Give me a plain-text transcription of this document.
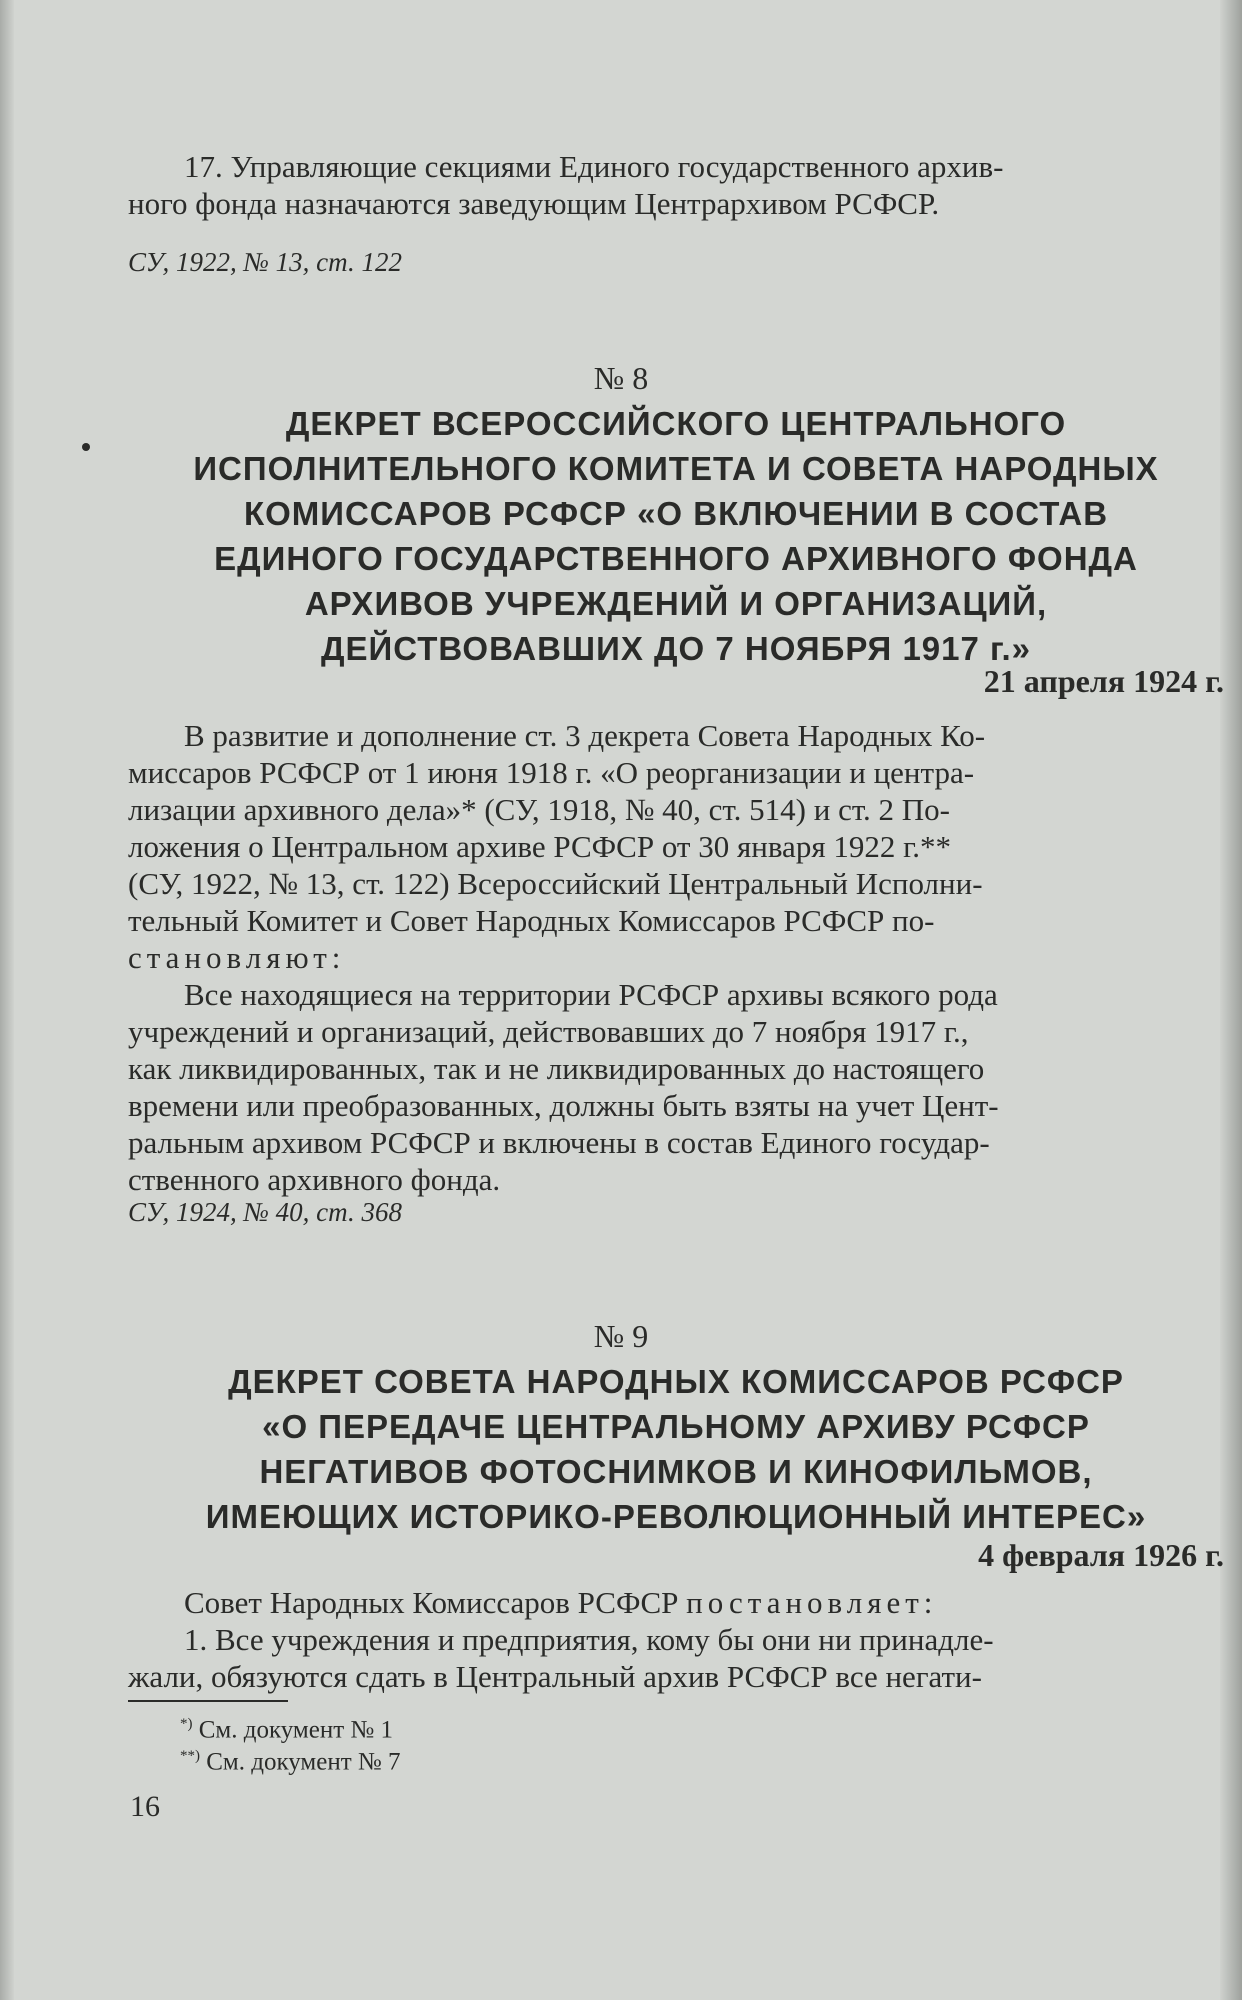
17. Управляющие секциями Единого государственного архив-

ного фонда назначаются заведующим Центрархивом РСФСР.

СУ, 1922, № 13, ст. 122

№ 8
ДЕКРЕТ ВСЕРОССИЙСКОГО ЦЕНТРАЛЬНОГО
ИСПОЛНИТЕЛЬНОГО КОМИТЕТА И СОВЕТА НАРОДНЫХ
КОМИССАРОВ РСФСР «О ВКЛЮЧЕНИИ В СОСТАВ
ЕДИНОГО ГОСУДАРСТВЕННОГО АРХИВНОГО ФОНДА
АРХИВОВ УЧРЕЖДЕНИЙ И ОРГАНИЗАЦИЙ,
ДЕЙСТВОВАВШИХ ДО 7 НОЯБРЯ 1917 г.»
21 апреля 1924 г.

В развитие и дополнение ст. 3 декрета Совета Народных Ко-

миссаров РСФСР от 1 июня 1918 г. «О реорганизации и центра-

лизации архивного дела»* (СУ, 1918, № 40, ст. 514) и ст. 2 По-

ложения о Центральном архиве РСФСР от 30 января 1922 г.**

(СУ, 1922, № 13, ст. 122) Всероссийский Центральный Исполни-

тельный Комитет и Совет Народных Комиссаров РСФСР по-

становляют:

Все находящиеся на территории РСФСР архивы всякого рода

учреждений и организаций, действовавших до 7 ноября 1917 г.,

как ликвидированных, так и не ликвидированных до настоящего

времени или преобразованных, должны быть взяты на учет Цент-

ральным архивом РСФСР и включены в состав Единого государ-

ственного архивного фонда.

СУ, 1924, № 40, ст. 368

№ 9
ДЕКРЕТ СОВЕТА НАРОДНЫХ КОМИССАРОВ РСФСР
«О ПЕРЕДАЧЕ ЦЕНТРАЛЬНОМУ АРХИВУ РСФСР
НЕГАТИВОВ ФОТОСНИМКОВ И КИНОФИЛЬМОВ,
ИМЕЮЩИХ ИСТОРИКО-РЕВОЛЮЦИОННЫЙ ИНТЕРЕС»
4 февраля 1926 г.

Совет Народных Комиссаров РСФСР постановляет:

1. Все учреждения и предприятия, кому бы они ни принадле-

жали, обязуются сдать в Центральный архив РСФСР все негати-

*) См. документ № 1
**) См. документ № 7
16
